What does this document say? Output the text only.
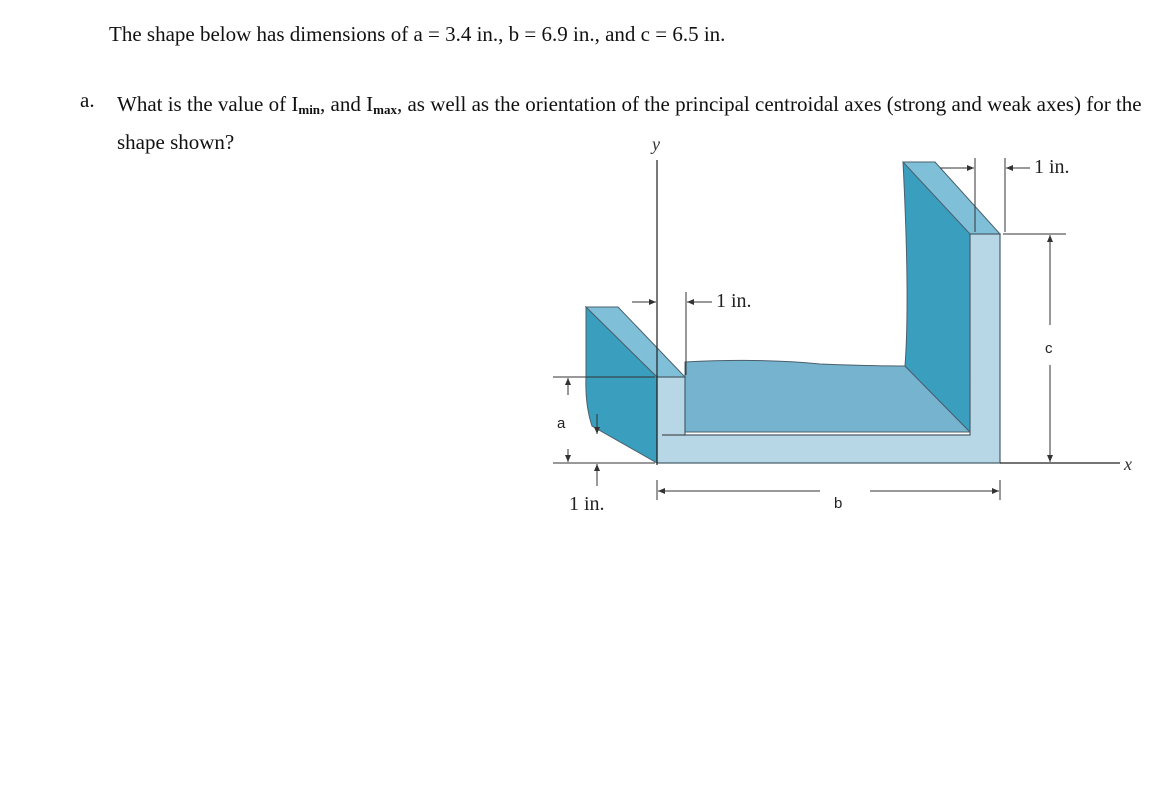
The shape below has dimensions of a = 3.4 in., b = 6.9 in., and c = 6.5 in.

a. What is the value of $I_{min}$, and $I_{max}$, as well as the orientation of the principal centroidal axes (strong and weak axes) for the shape shown?	y
x
1 in.
1 in.
a
1 in.	b
c
